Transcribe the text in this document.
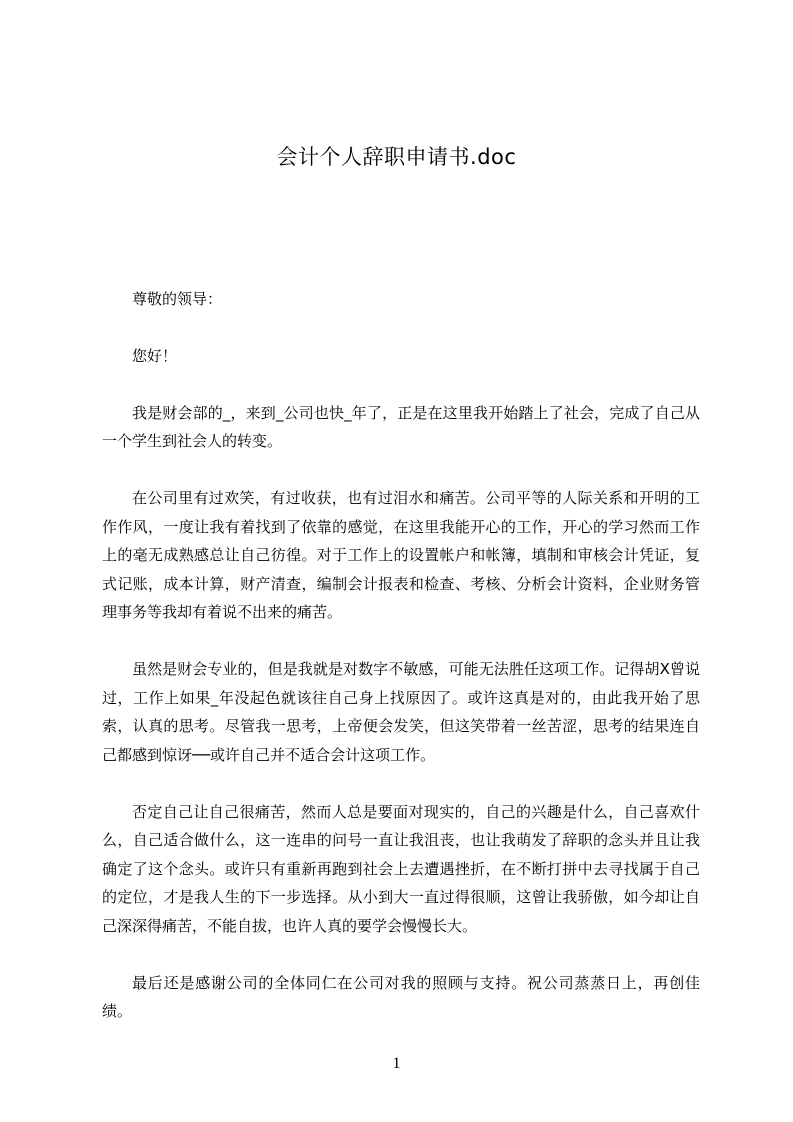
会计个人辞职申请书.doc

尊敬的领导：

您好！

我是财会部的_，来到_公司也快_年了，正是在这里我开始踏上了社会，完成了自己从一个学生到社会人的转变。

在公司里有过欢笑，有过收获，也有过泪水和痛苦。公司平等的人际关系和开明的工作作风，一度让我有着找到了依靠的感觉，在这里我能开心的工作，开心的学习然而工作上的毫无成熟感总让自己彷徨。对于工作上的设置帐户和帐簿，填制和审核会计凭证，复式记账，成本计算，财产清查，编制会计报表和检查、考核、分析会计资料，企业财务管理事务等我却有着说不出来的痛苦。

虽然是财会专业的，但是我就是对数字不敏感，可能无法胜任这项工作。记得胡X曾说过，工作上如果_年没起色就该往自己身上找原因了。或许这真是对的，由此我开始了思索，认真的思考。尽管我一思考，上帝便会发笑，但这笑带着一丝苦涩，思考的结果连自己都感到惊讶──或许自己并不适合会计这项工作。

否定自己让自己很痛苦，然而人总是要面对现实的，自己的兴趣是什么，自己喜欢什么，自己适合做什么，这一连串的问号一直让我沮丧，也让我萌发了辞职的念头并且让我确定了这个念头。或许只有重新再跑到社会上去遭遇挫折，在不断打拼中去寻找属于自己的定位，才是我人生的下一步选择。从小到大一直过得很顺，这曾让我骄傲，如今却让自己深深得痛苦，不能自拔，也许人真的要学会慢慢长大。

最后还是感谢公司的全体同仁在公司对我的照顾与支持。祝公司蒸蒸日上，再创佳绩。

1
